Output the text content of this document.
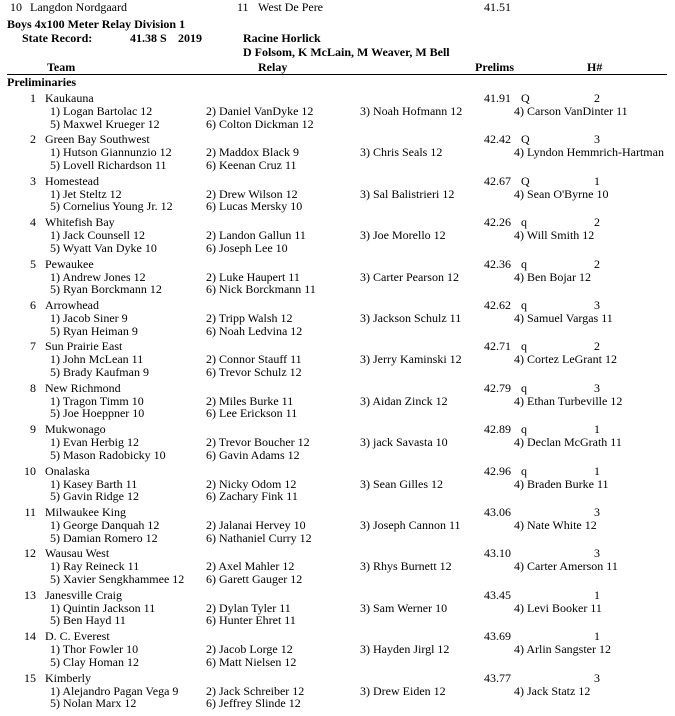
10 Langdon Nordgaard	11 West De Pere	41.51
Boys 4x100 Meter Relay Division 1
State Record:	41.38 S 2019	Racine Horlick
D Folsom, K McLain, M Weaver, M Bell
Team	Relay	Prelims	H#
Preliminaries
1 Kaukauna	41.91 Q	2
1) Logan Bartolac 12	2) Daniel VanDyke 12	3) Noah Hofmann 12	4) Carson VanDinter 11
5) Maxwel Krueger 12	6) Colton Dickman 12
2 Green Bay Southwest	42.42 Q	3
1) Hutson Giannunzio 12	2) Maddox Black 9	3) Chris Seals 12	4) Lyndon Hemmrich-Hartman
5) Lovell Richardson 11	6) Keenan Cruz 11
3 Homestead	42.67 Q	1
1) Jet Steltz 12	2) Drew Wilson 12	3) Sal Balistrieri 12	4) Sean O'Byrne 10
5) Cornelius Young Jr. 12	6) Lucas Mersky 10
4 Whitefish Bay	42.26 q	2
1) Jack Counsell 12	2) Landon Gallun 11	3) Joe Morello 12	4) Will Smith 12
5) Wyatt Van Dyke 10	6) Joseph Lee 10
5 Pewaukee	42.36 q	2
1) Andrew Jones 12	2) Luke Haupert 11	3) Carter Pearson 12	4) Ben Bojar 12
5) Ryan Borckmann 12	6) Nick Borckmann 11
6 Arrowhead	42.62 q	3
1) Jacob Siner 9	2) Tripp Walsh 12	3) Jackson Schulz 11	4) Samuel Vargas 11
5) Ryan Heiman 9	6) Noah Ledvina 12
7 Sun Prairie East	42.71 q	2
1) John McLean 11	2) Connor Stauff 11	3) Jerry Kaminski 12	4) Cortez LeGrant 12
5) Brady Kaufman 9	6) Trevor Schulz 12
8 New Richmond	42.79 q	3
1) Tragon Timm 10	2) Miles Burke 11	3) Aidan Zinck 12	4) Ethan Turbeville 12
5) Joe Hoeppner 10	6) Lee Erickson 11
9 Mukwonago	42.89 q	1
1) Evan Herbig 12	2) Trevor Boucher 12	3) jack Savasta 10	4) Declan McGrath 11
5) Mason Radobicky 10	6) Gavin Adams 12
10 Onalaska	42.96 q	1
1) Kasey Barth 11	2) Nicky Odom 12	3) Sean Gilles 12	4) Braden Burke 11
5) Gavin Ridge 12	6) Zachary Fink 11
11 Milwaukee King	43.06	3
1) George Danquah 12	2) Jalanai Hervey 10	3) Joseph Cannon 11	4) Nate White 12
5) Damian Romero 12	6) Nathaniel Curry 12
12 Wausau West	43.10	3
1) Ray Reineck 11	2) Axel Mahler 12	3) Rhys Burnett 12	4) Carter Amerson 11
5) Xavier Sengkhammee 12 6) Garett Gauger 12
13 Janesville Craig	43.45	1
1) Quintin Jackson 11	2) Dylan Tyler 11	3) Sam Werner 10	4) Levi Booker 11
5) Ben Hayd 11	6) Hunter Ehret 11
14 D. C. Everest	43.69	1
1) Thor Fowler 10	2) Jacob Lorge 12	3) Hayden Jirgl 12	4) Arlin Sangster 12
5) Clay Homan 12	6) Matt Nielsen 12
15 Kimberly	43.77	3
1) Alejandro Pagan Vega 9 2) Jack Schreiber 12	3) Drew Eiden 12	4) Jack Statz 12
5) Nolan Marx 12	6) Jeffrey Slinde 12
